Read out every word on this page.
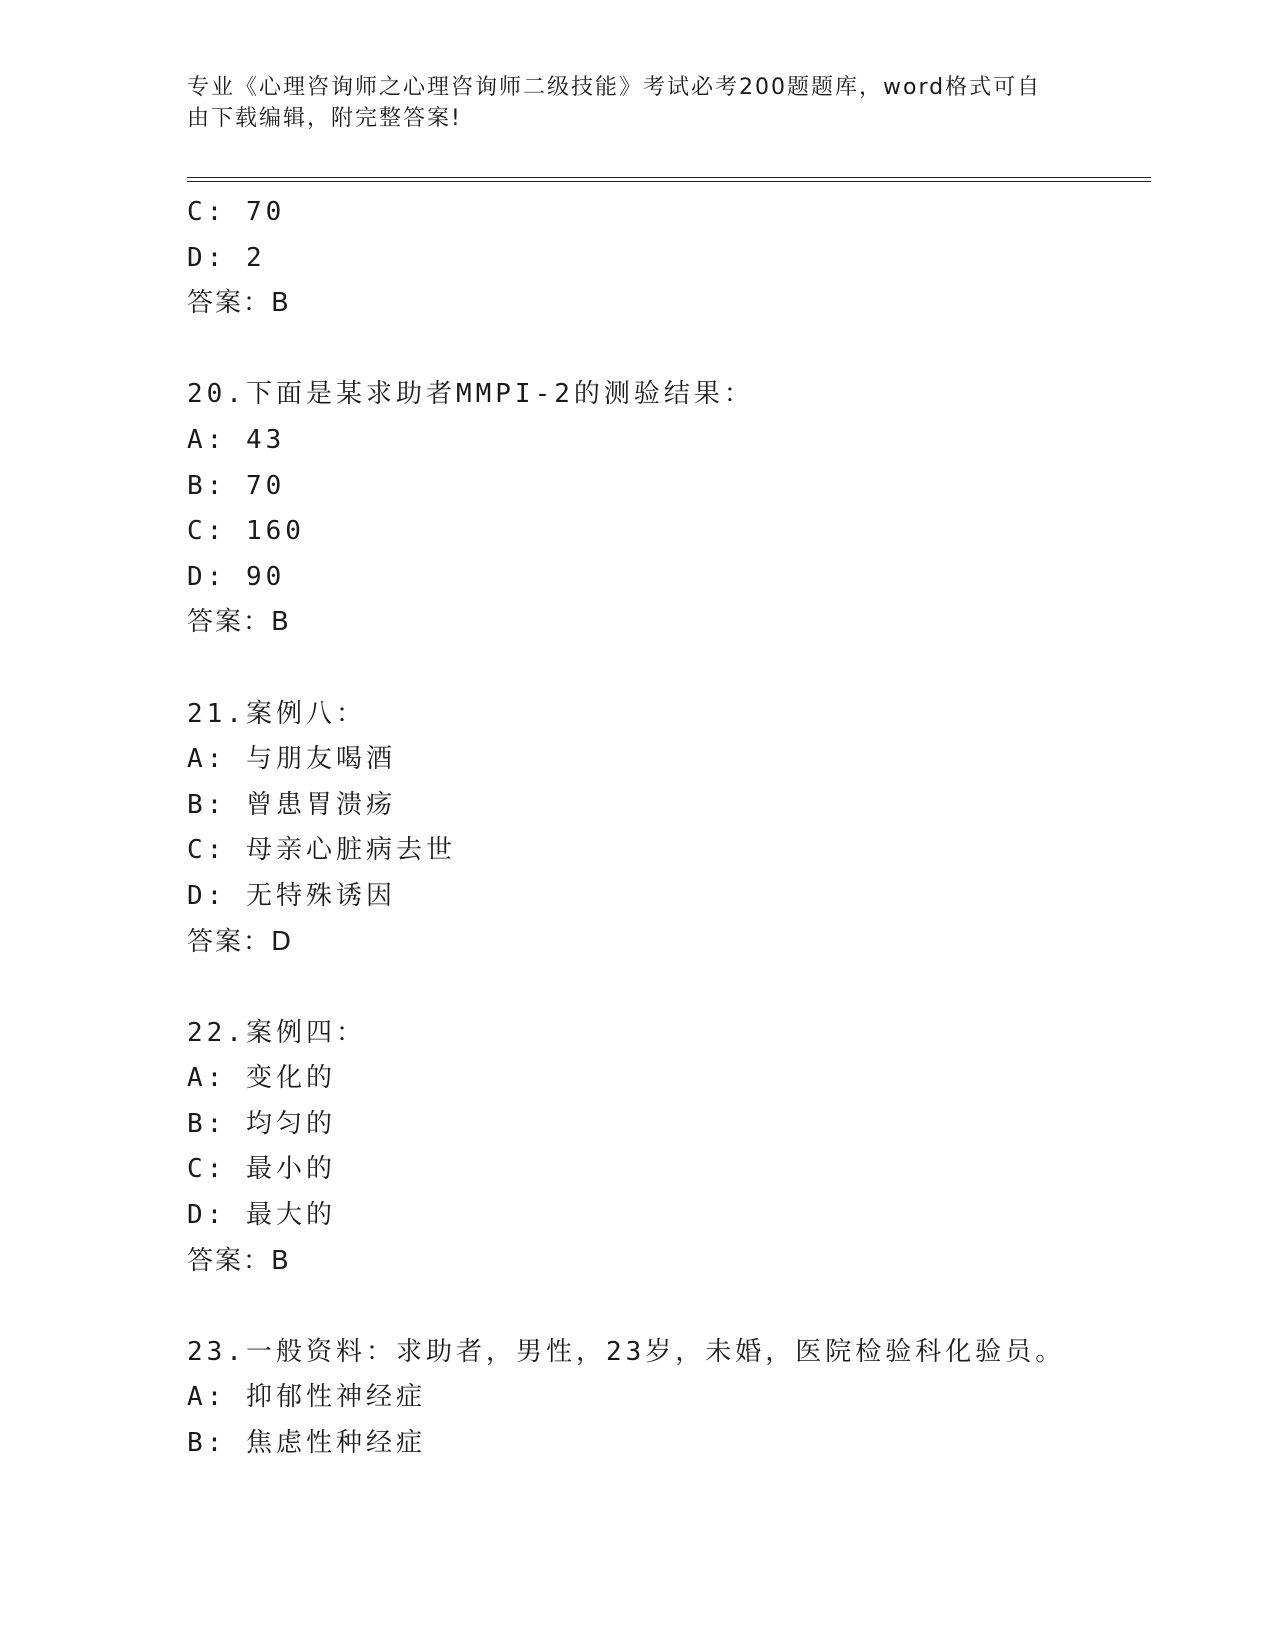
专业《心理咨询师之心理咨询师二级技能》考试必考200题题库，word格式可自
由下载编辑，附完整答案!
C: 70
D: 2
答案：B
20.下面是某求助者MMPI-2的测验结果：
A: 43
B: 70
C: 160
D: 90
答案：B
21.案例八：
A: 与朋友喝酒
B: 曾患胃溃疡
C: 母亲心脏病去世
D: 无特殊诱因
答案：D
22.案例四：
A: 变化的
B: 均匀的
C: 最小的
D: 最大的
答案：B
23.一般资料：求助者，男性，23岁，未婚，医院检验科化验员。
A: 抑郁性神经症
B: 焦虑性种经症
